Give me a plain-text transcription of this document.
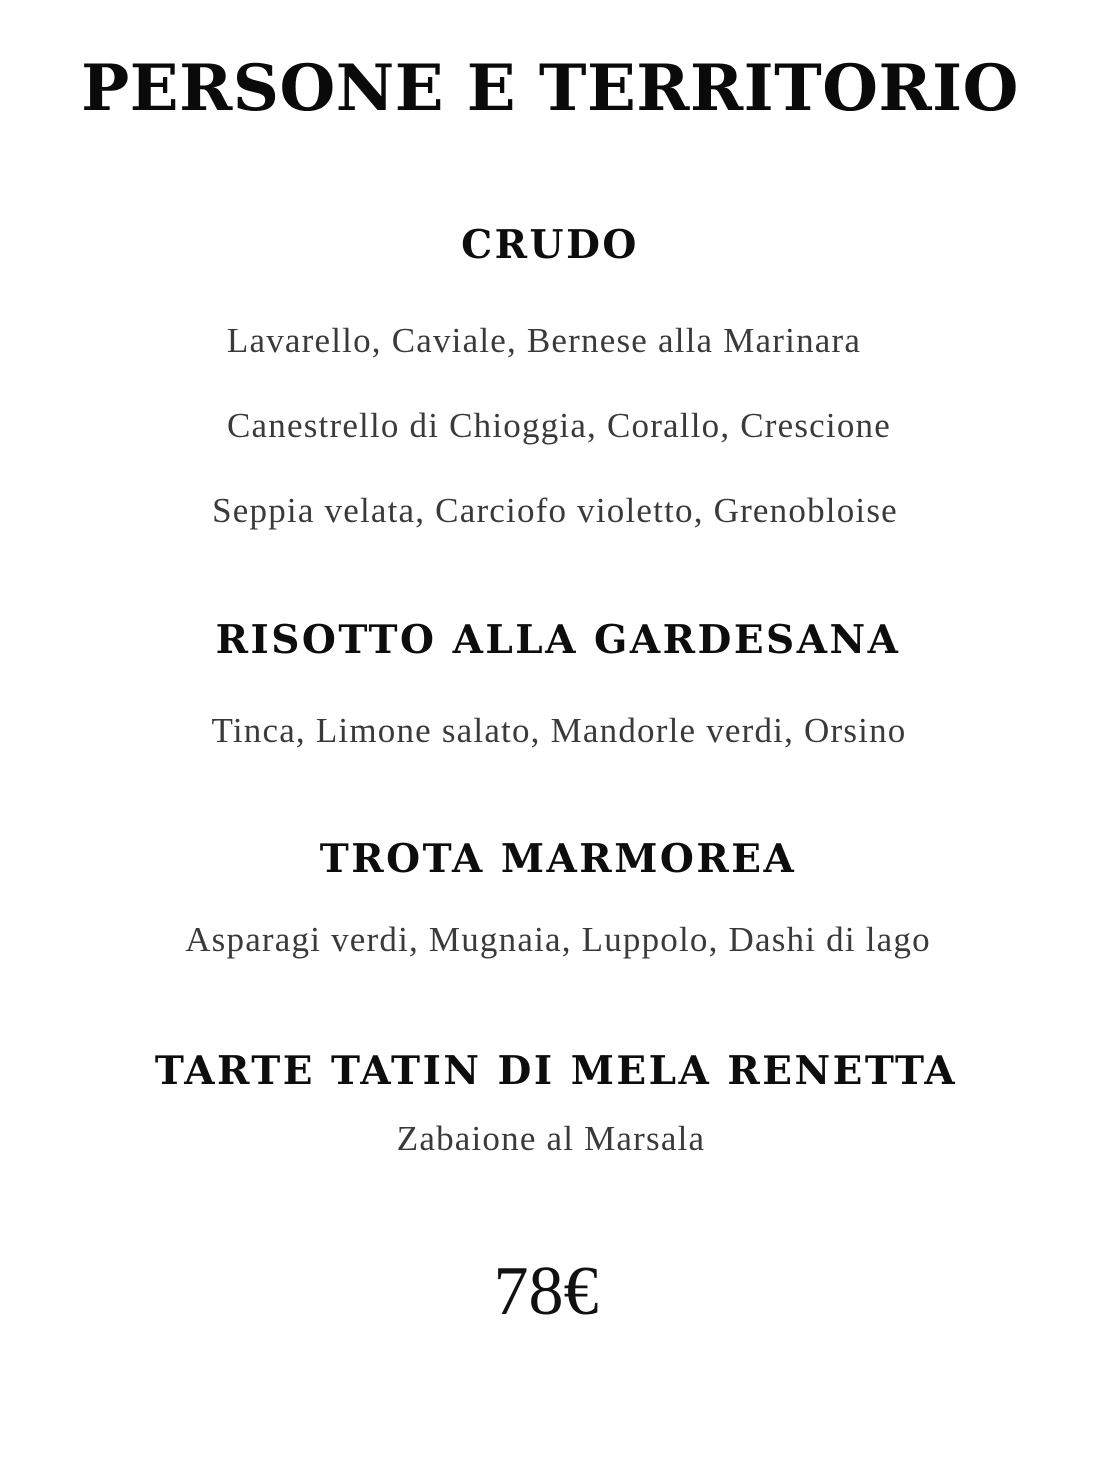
PERSONE E TERRITORIO
CRUDO
Lavarello, Caviale, Bernese alla Marinara
Canestrello di Chioggia, Corallo, Crescione
Seppia velata, Carciofo violetto, Grenobloise
RISOTTO ALLA GARDESANA
Tinca, Limone salato, Mandorle verdi, Orsino
TROTA MARMOREA
Asparagi verdi, Mugnaia, Luppolo, Dashi di lago
TARTE TATIN DI MELA RENETTA
Zabaione al Marsala
78€
